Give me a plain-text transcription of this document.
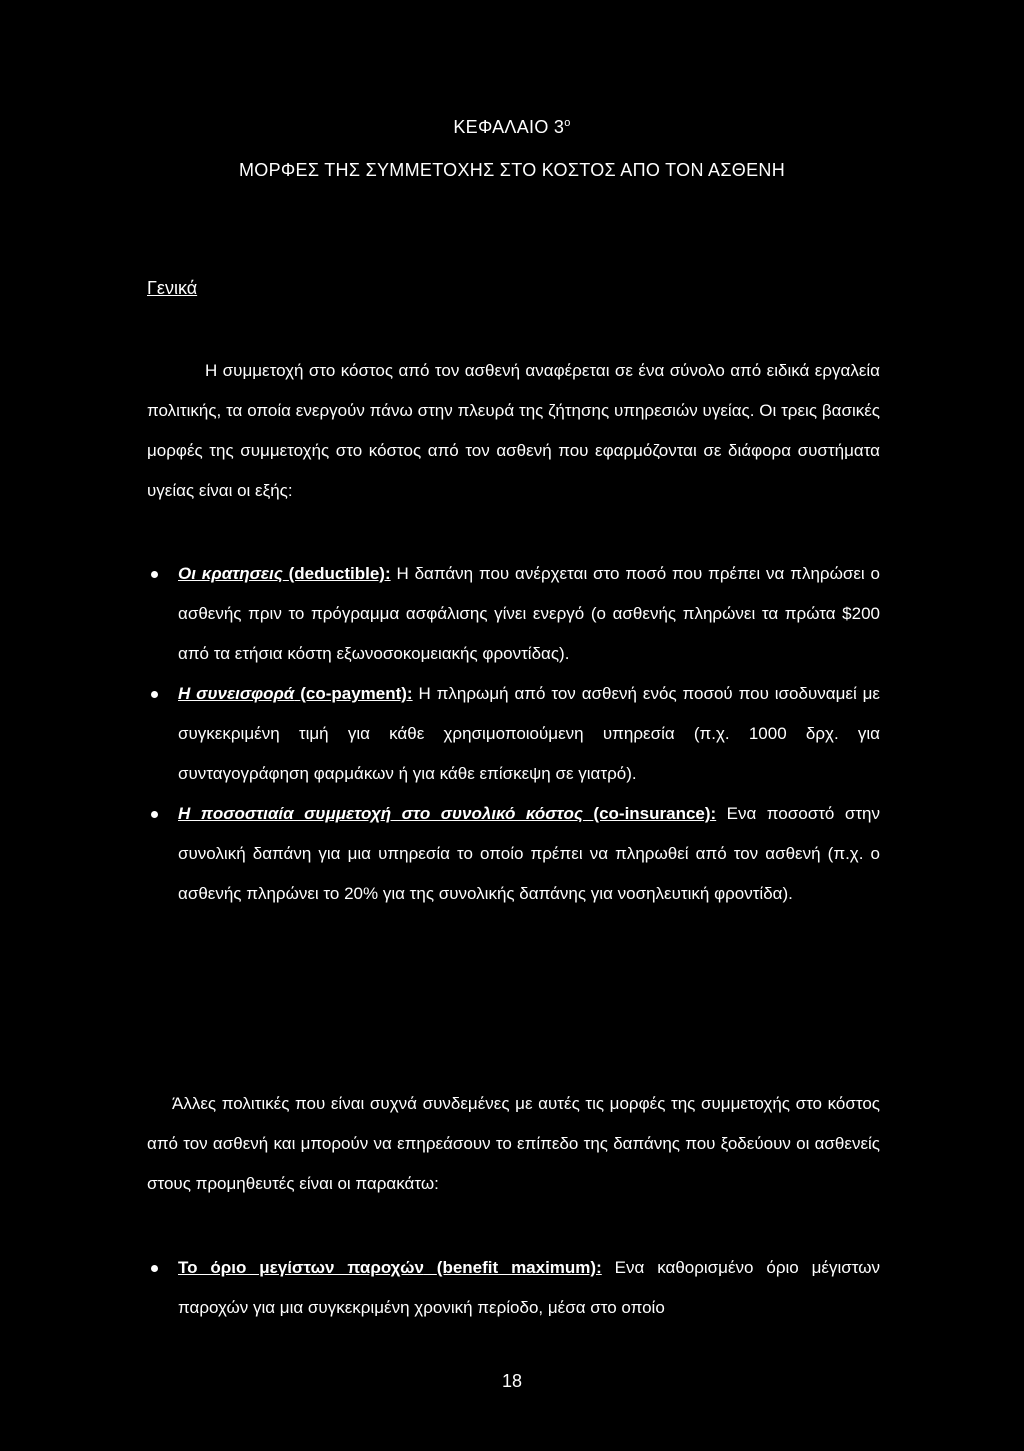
ΚΕΦΑΛΑΙΟ $3^o$
ΜΟΡΦΕΣ ΤΗΣ ΣΥΜΜΕΤΟΧΗΣ ΣΤΟ ΚΟΣΤΟΣ ΑΠΟ ΤΟΝ ΑΣΘΕΝΗ
Γενικά

Η συμμετοχή στο κόστος από τον ασθενή αναφέρεται σε ένα σύνολο από ειδικά εργαλεία πολιτικής, τα οποία ενεργούν πάνω στην πλευρά της ζήτησης υπηρεσιών υγείας. Οι τρεις βασικές μορφές της συμμετοχής στο κόστος από τον ασθενή που εφαρμόζονται σε διάφορα συστήματα υγείας είναι οι εξής:

Οι κρατησεις (deductible): Η δαπάνη που ανέρχεται στο ποσό που πρέπει να πληρώσει ο ασθενής πριν το πρόγραμμα ασφάλισης γίνει ενεργό (ο ασθενής πληρώνει τα πρώτα $200 από τα ετήσια κόστη εξωνοσοκομειακής φροντίδας).
Η συνεισφορά (co-payment): Η πληρωμή από τον ασθενή ενός ποσού που ισοδυναμεί με συγκεκριμένη τιμή για κάθε χρησιμοποιούμενη υπηρεσία (π.χ. 1000 δρχ. για συνταγογράφηση φαρμάκων ή για κάθε επίσκεψη σε γιατρό).
Η ποσοστιαία συμμετοχή στο συνολικό κόστος (co-insurance): Ενα ποσοστό στην συνολική δαπάνη για μια υπηρεσία το οποίο πρέπει να πληρωθεί από τον ασθενή (π.χ. ο ασθενής πληρώνει το 20% για της συνολικής δαπάνης για νοσηλευτική φροντίδα).

Άλλες πολιτικές που είναι συχνά συνδεμένες με αυτές τις μορφές της συμμετοχής στο κόστος από τον ασθενή και μπορούν να επηρεάσουν το επίπεδο της δαπάνης που ξοδεύουν οι ασθενείς στους προμηθευτές είναι οι παρακάτω:

Το όριο μεγίστων παροχών (benefit maximum): Ενα καθορισμένο όριο μέγιστων παροχών για μια συγκεκριμένη χρονική περίοδο, μέσα στο οποίο
18
